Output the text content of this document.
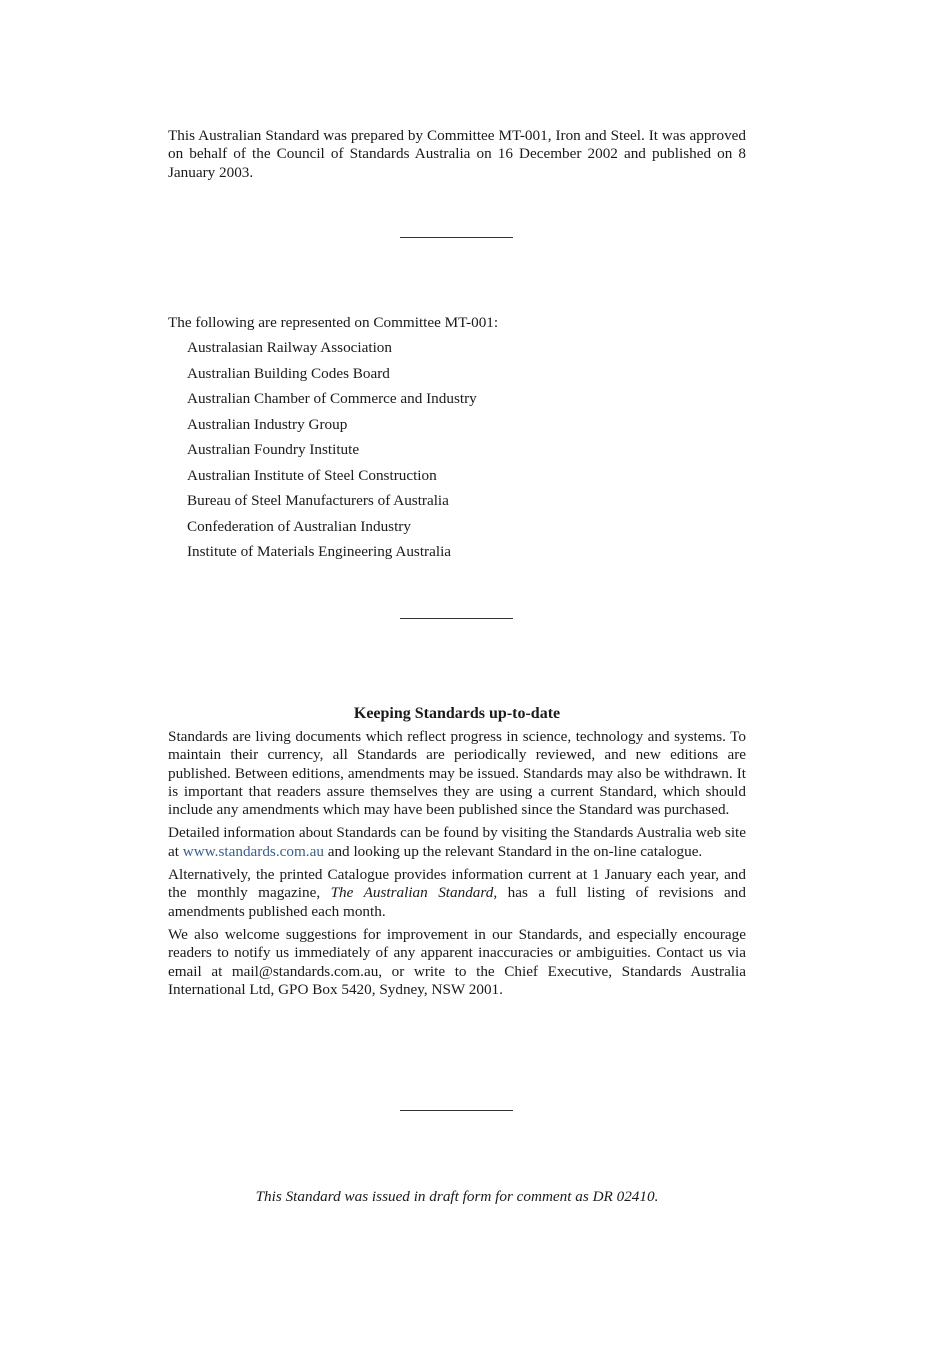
This Australian Standard was prepared by Committee MT-001, Iron and Steel. It was approved on behalf of the Council of Standards Australia on 16 December 2002 and published on 8 January 2003.

The following are represented on Committee MT-001:

Australasian Railway Association
Australian Building Codes Board
Australian Chamber of Commerce and Industry
Australian Industry Group
Australian Foundry Institute
Australian Institute of Steel Construction
Bureau of Steel Manufacturers of Australia
Confederation of Australian Industry
Institute of Materials Engineering Australia
Keeping Standards up-to-date

Standards are living documents which reflect progress in science, technology and systems. To maintain their currency, all Standards are periodically reviewed, and new editions are published. Between editions, amendments may be issued. Standards may also be withdrawn. It is important that readers assure themselves they are using a current Standard, which should include any amendments which may have been published since the Standard was purchased.

Detailed information about Standards can be found by visiting the Standards Australia web site at www.standards.com.au and looking up the relevant Standard in the on-line catalogue.

Alternatively, the printed Catalogue provides information current at 1 January each year, and the monthly magazine, The Australian Standard, has a full listing of revisions and amendments published each month.

We also welcome suggestions for improvement in our Standards, and especially encourage readers to notify us immediately of any apparent inaccuracies or ambiguities. Contact us via email at mail@standards.com.au, or write to the Chief Executive, Standards Australia International Ltd, GPO Box 5420, Sydney, NSW 2001.

This Standard was issued in draft form for comment as DR 02410.
